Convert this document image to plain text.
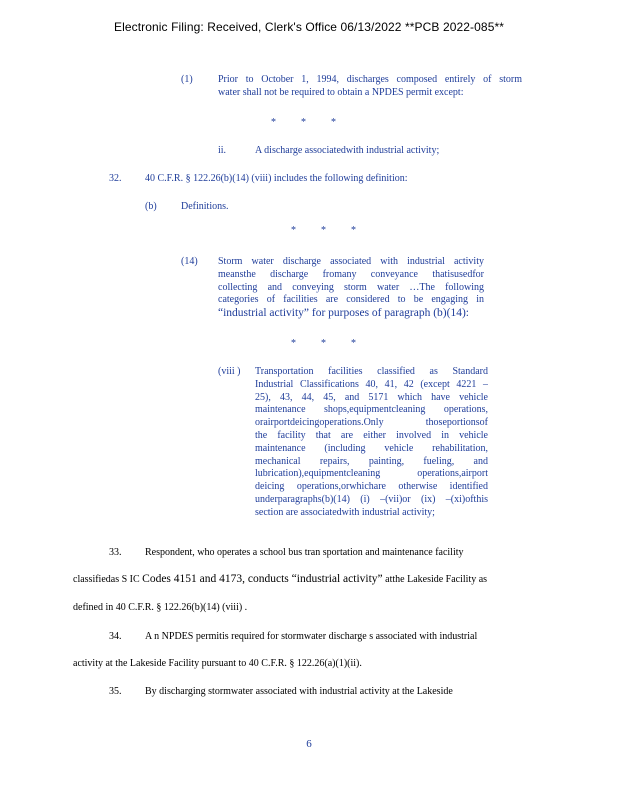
Electronic Filing: Received, Clerk's Office 06/13/2022 **PCB 2022-085**
(1)	Prior to October 1, 1994, discharges composed entirely of storm
water shall not be required to obtain a NPDES permit except:
*          *          *
ii.	A discharge associatedwith industrial activity;
32. 40 C.F.R. § 122.26(b)(14) (viii) includes the following definition:
(b) Definitions.
*          *          *
(14) Storm water discharge associated with industrial activity
meansthe discharge fromany conveyance thatisusedfor
collecting and conveying storm water …The following
categories of facilities are considered to be engaging in
“industrial activity” for purposes of paragraph (b)(14):
*          *          *
(viii ) Transportation facilities classified as Standard
Industrial Classifications 40, 41, 42 (except 4221 –
25), 43, 44, 45, and 5171 which have vehicle
maintenance shops,equipmentcleaning operations,
orairportdeicingoperations.Only thoseportionsof
the facility that are either involved in vehicle
maintenance (including vehicle rehabilitation,
mechanical repairs, painting, fueling, and
lubrication),equipmentcleaning operations,airport
deicing operations,orwhichare otherwise identified
underparagraphs(b)(14) (i) –(vii)or (ix) –(xi)ofthis
section are associatedwith industrial activity;
33. Respondent, who operates a school bus tran sportation and maintenance facility
classifiedas S IC Codes 4151 and 4173, conducts “industrial activity” atthe Lakeside Facility as
defined in 40 C.F.R. § 122.26(b)(14) (viii) .
34. A n NPDES permitis required for stormwater discharge s associated with industrial
activity at the Lakeside Facility pursuant to 40 C.F.R. § 122.26(a)(1)(ii).
35. By discharging stormwater associated with industrial activity at the Lakeside
6
